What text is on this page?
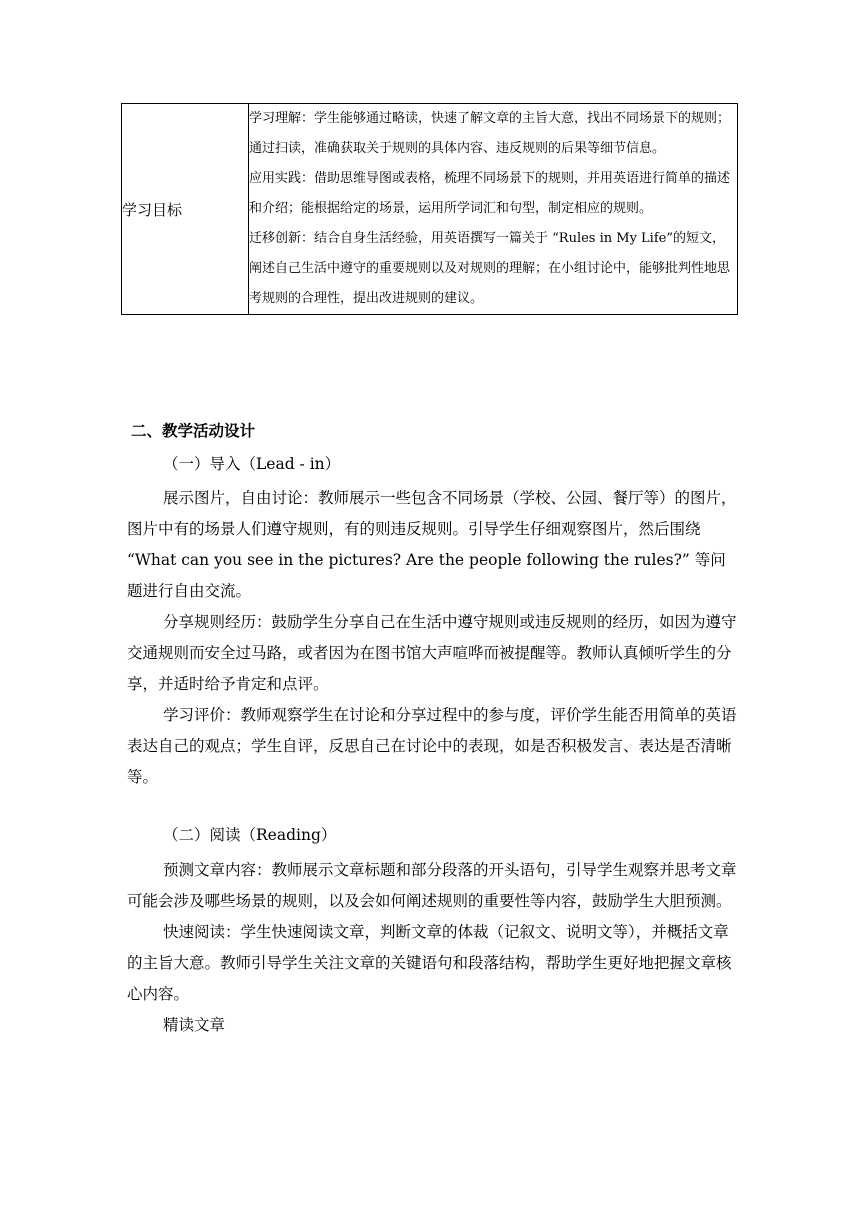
学习目标	

学习理解：学生能够通过略读，快速了解文章的主旨大意，找出不同场景下的规则；通过扫读，准确获取关于规则的具体内容、违反规则的后果等细节信息。

应用实践：借助思维导图或表格，梳理不同场景下的规则，并用英语进行简单的描述和介绍；能根据给定的场景，运用所学词汇和句型，制定相应的规则。

迁移创新：结合自身生活经验，用英语撰写一篇关于 “Rules in My Life”的短文，阐述自己生活中遵守的重要规则以及对规则的理解；在小组讨论中，能够批判性地思考规则的合理性，提出改进规则的建议。

二、教学活动设计
（一）导入（Lead - in）

展示图片，自由讨论：教师展示一些包含不同场景（学校、公园、餐厅等）的图片，图片中有的场景人们遵守规则，有的则违反规则。引导学生仔细观察图片，然后围绕 “What can you see in the pictures? Are the people following the rules?” 等问题进行自由交流。

分享规则经历：鼓励学生分享自己在生活中遵守规则或违反规则的经历，如因为遵守交通规则而安全过马路，或者因为在图书馆大声喧哗而被提醒等。教师认真倾听学生的分享，并适时给予肯定和点评。

学习评价：教师观察学生在讨论和分享过程中的参与度，评价学生能否用简单的英语表达自己的观点；学生自评，反思自己在讨论中的表现，如是否积极发言、表达是否清晰等。

（二）阅读（Reading）

预测文章内容：教师展示文章标题和部分段落的开头语句，引导学生观察并思考文章可能会涉及哪些场景的规则，以及会如何阐述规则的重要性等内容，鼓励学生大胆预测。

快速阅读：学生快速阅读文章，判断文章的体裁（记叙文、说明文等），并概括文章的主旨大意。教师引导学生关注文章的关键语句和段落结构，帮助学生更好地把握文章核心内容。

精读文章
